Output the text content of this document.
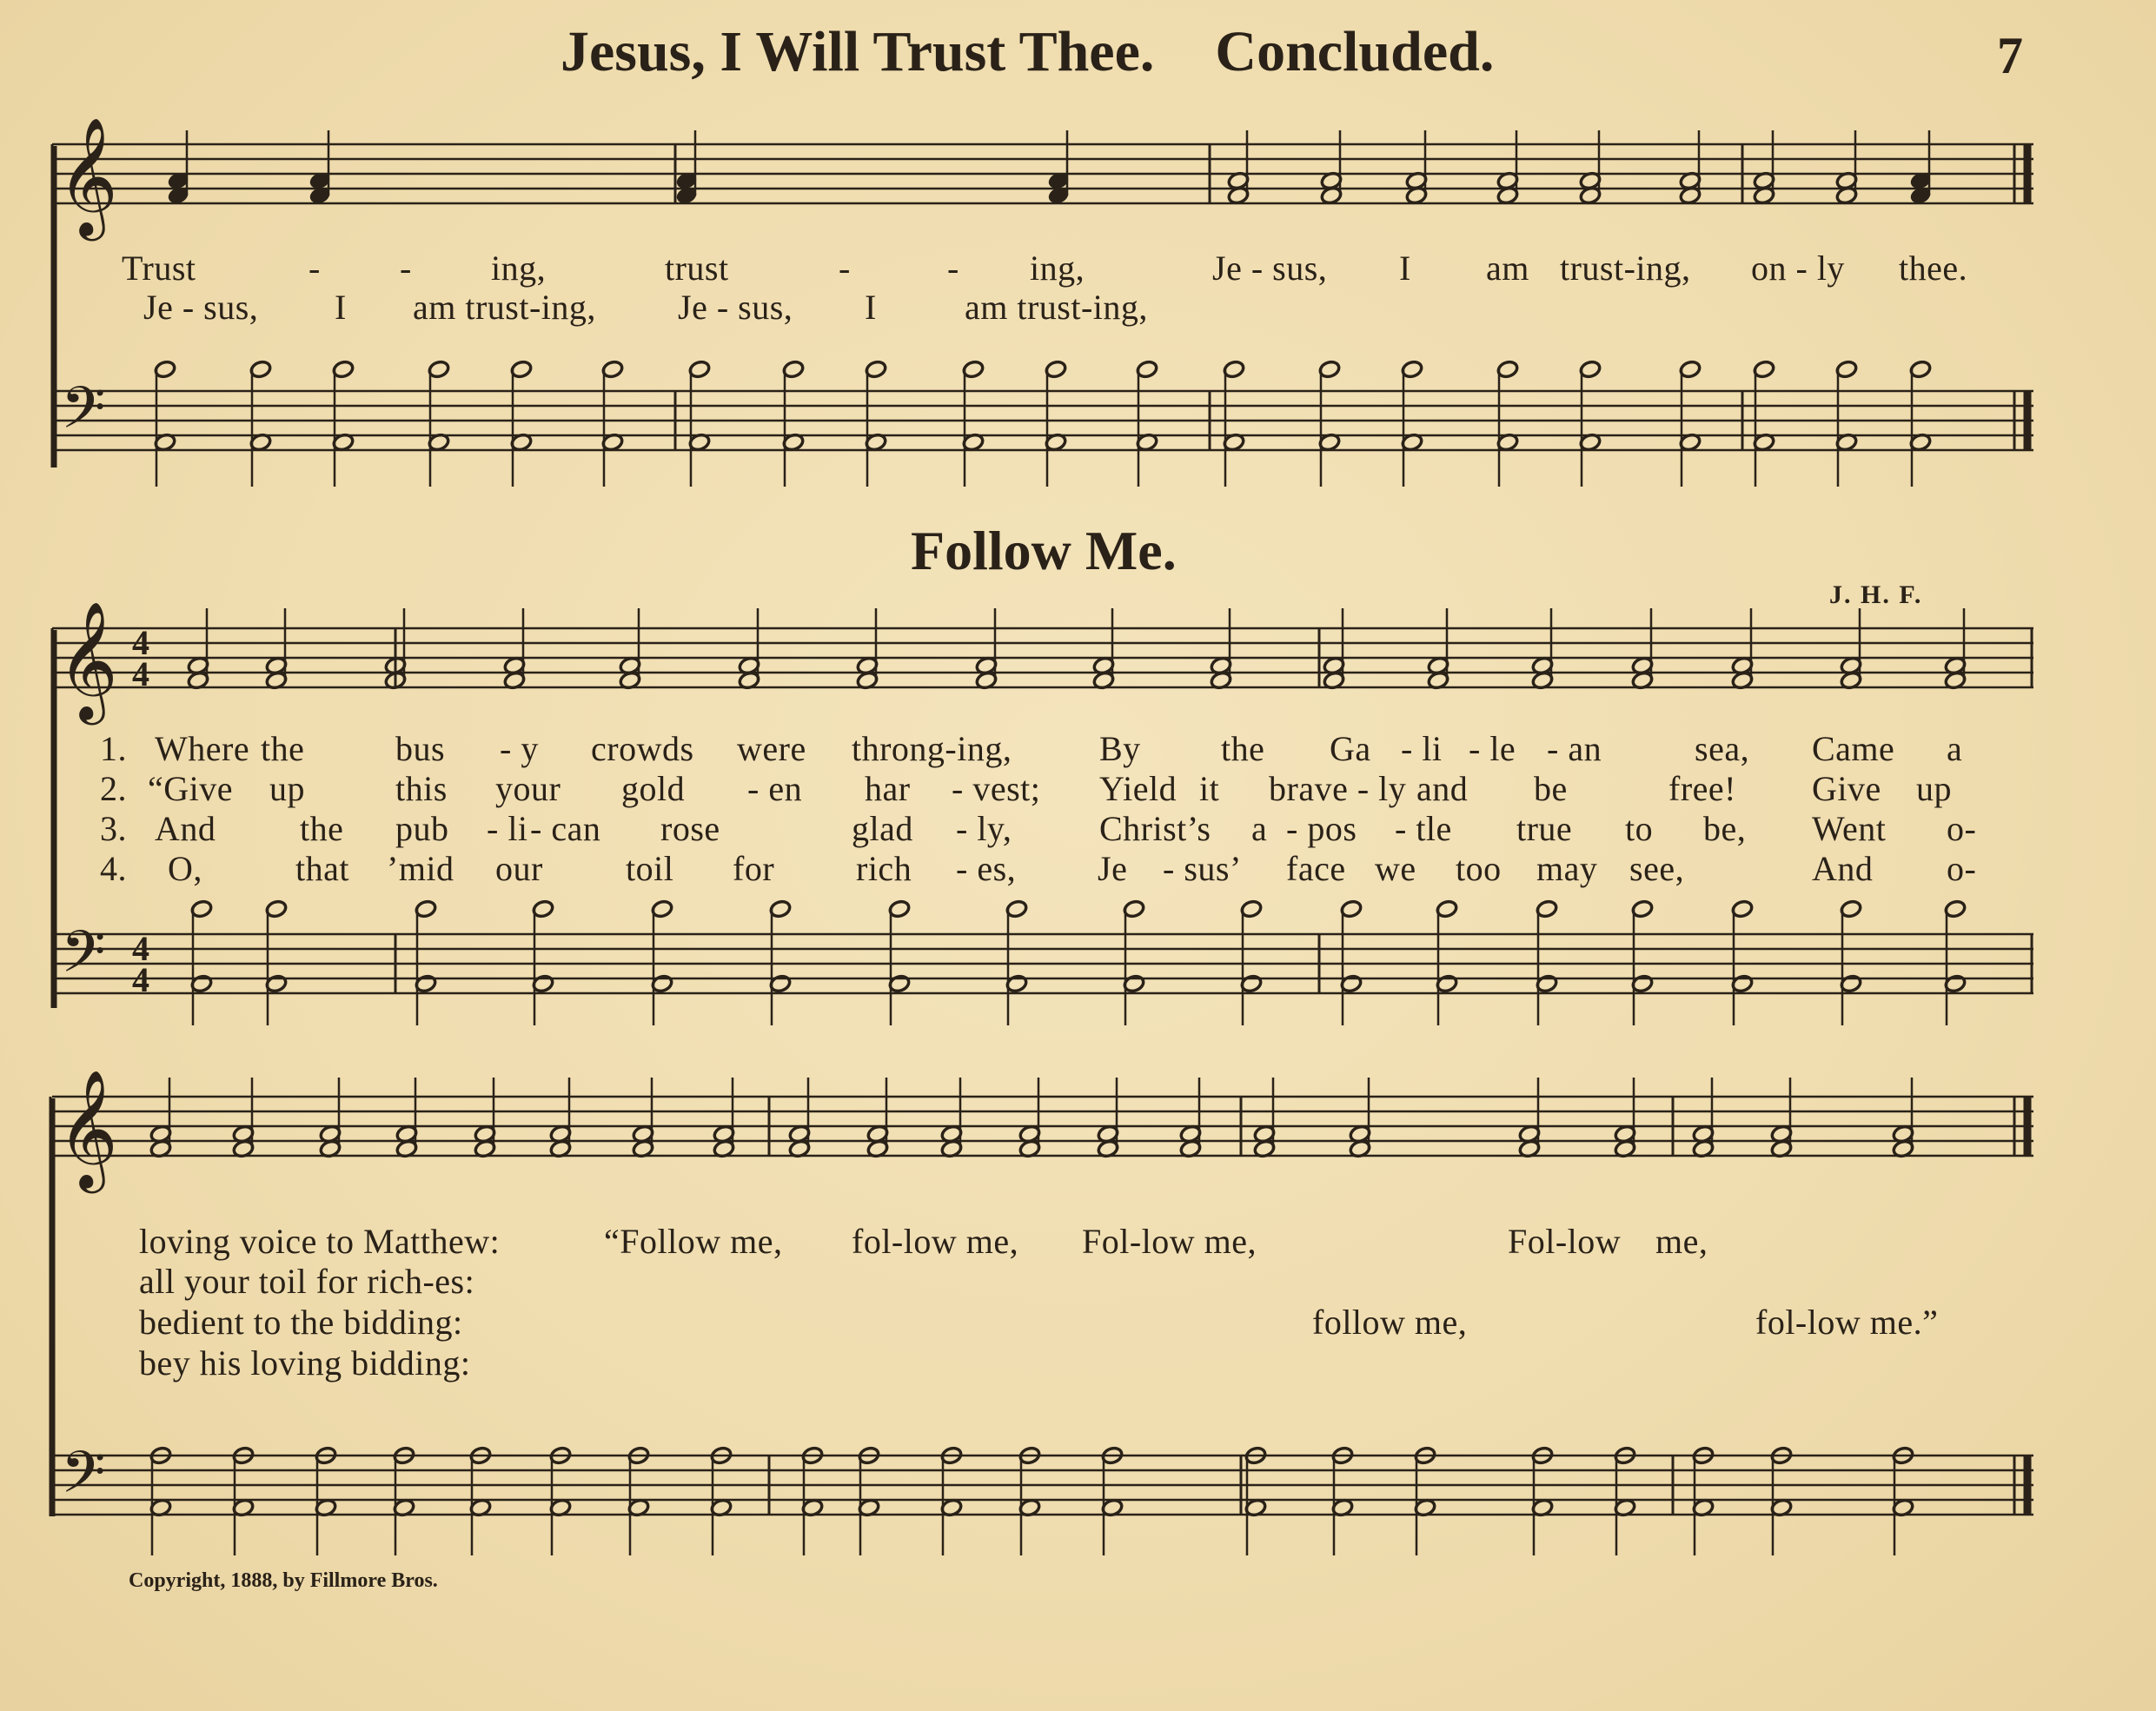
Jesus, I Will Trust Thee. Concluded.	7
𝄞
𝄢
𝄞
𝄢
𝄞
𝄢
4
4
4
4
Trust	- - ing,	trust	-	- ing,	Je - sus, I am trust-ing, on - ly thee.
Je - sus, I am trust-ing, Je - sus, I	am trust-ing,
Follow Me.
J. H. F.
1.
2.
3.
4.
Where the	bus - y crowds were throng-ing,	By the Ga - li - le - an	sea, Came a
“Give up	this your gold - en har - vest; Yield it brave - ly and be	free! Give up
And the pub - li - can rose	glad - ly,	Christ’s a - pos - tle true to be, Went o-
O,	that ’mid our toil for rich - es, Je - sus’ face we too may see,	And o-
loving voice to Matthew:
all your toil for rich-es:
bedient to the bidding:
bey his loving bidding:
“Follow me, fol-low me, Fol-low me,	Fol-low me,
follow me,	fol-low me.”
Copyright, 1888, by Fillmore Bros.
